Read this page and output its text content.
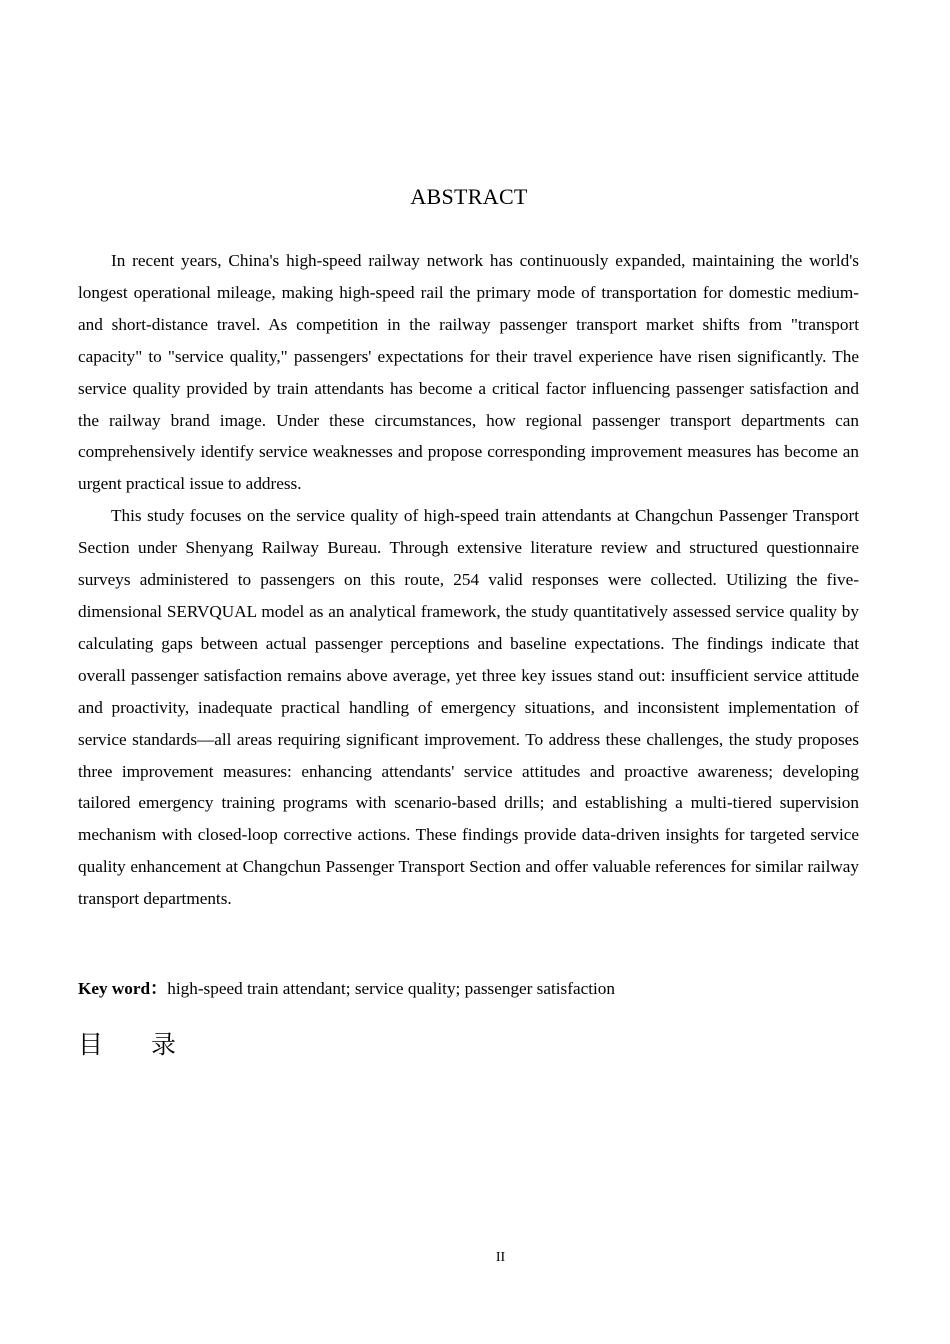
ABSTRACT

In recent years, China's high-speed railway network has continuously expanded, maintaining the world's longest operational mileage, making high-speed rail the primary mode of transportation for domestic medium-and short-distance travel. As competition in the railway passenger transport market shifts from "transport capacity" to "service quality," passengers' expectations for their travel experience have risen significantly. The service quality provided by train attendants has become a critical factor influencing passenger satisfaction and the railway brand image. Under these circumstances, how regional passenger transport departments can comprehensively identify service weaknesses and propose corresponding improvement measures has become an urgent practical issue to address.

This study focuses on the service quality of high-speed train attendants at Changchun Passenger Transport Section under Shenyang Railway Bureau. Through extensive literature review and structured questionnaire surveys administered to passengers on this route, 254 valid responses were collected. Utilizing the five-dimensional SERVQUAL model as an analytical framework, the study quantitatively assessed service quality by calculating gaps between actual passenger perceptions and baseline expectations. The findings indicate that overall passenger satisfaction remains above average, yet three key issues stand out: insufficient service attitude and proactivity, inadequate practical handling of emergency situations, and inconsistent implementation of service standards—all areas requiring significant improvement. To address these challenges, the study proposes three improvement measures: enhancing attendants' service attitudes and proactive awareness; developing tailored emergency training programs with scenario-based drills; and establishing a multi-tiered supervision mechanism with closed-loop corrective actions. These findings provide data-driven insights for targeted service quality enhancement at Changchun Passenger Transport Section and offer valuable references for similar railway transport departments.

Key word：high-speed train attendant; service quality; passenger satisfaction
目 录
II
